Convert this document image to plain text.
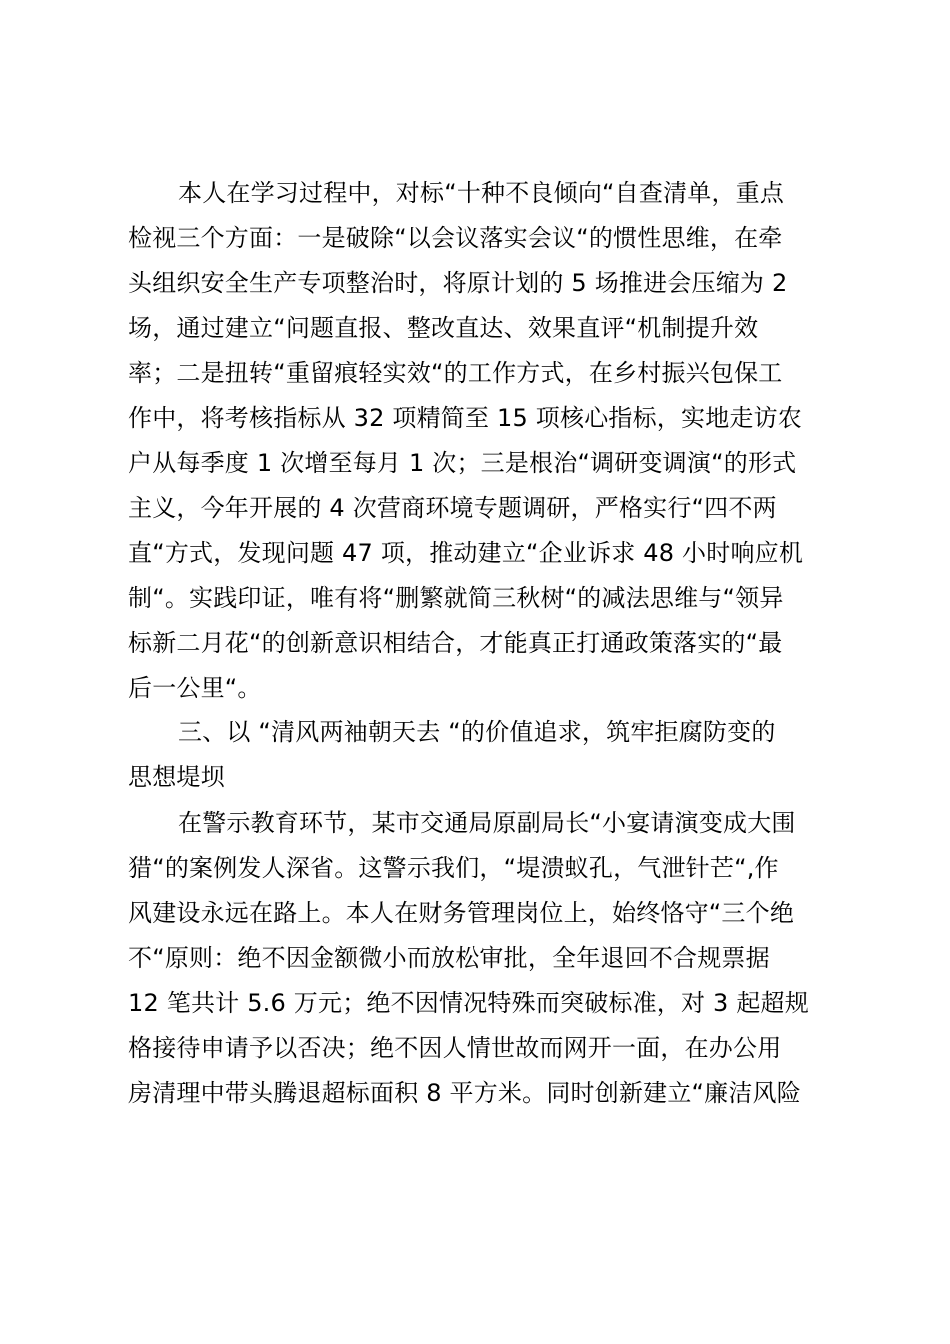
本人在学习过程中，对标“十种不良倾向“自查清单，重点
检视三个方面：一是破除“以会议落实会议“的惯性思维，在牵
头组织安全生产专项整治时，将原计划的 5 场推进会压缩为 2
场，通过建立“问题直报、整改直达、效果直评“机制提升效
率；二是扭转“重留痕轻实效“的工作方式，在乡村振兴包保工
作中，将考核指标从 32 项精简至 15 项核心指标，实地走访农
户从每季度 1 次增至每月 1 次；三是根治“调研变调演“的形式
主义，今年开展的 4 次营商环境专题调研，严格实行“四不两
直“方式，发现问题 47 项，推动建立“企业诉求 48 小时响应机
制“。实践印证，唯有将“删繁就简三秋树“的减法思维与“领异
标新二月花“的创新意识相结合，才能真正打通政策落实的“最
后一公里“。
三、以 “清风两袖朝天去 “的价值追求，筑牢拒腐防变的
思想堤坝
在警示教育环节，某市交通局原副局长“小宴请演变成大围
猎“的案例发人深省。这警示我们，“堤溃蚁孔，气泄针芒“,作
风建设永远在路上。本人在财务管理岗位上，始终恪守“三个绝
不“原则：绝不因金额微小而放松审批，全年退回不合规票据
12 笔共计 5.6 万元；绝不因情况特殊而突破标准，对 3 起超规
格接待申请予以否决；绝不因人情世故而网开一面，在办公用
房清理中带头腾退超标面积 8 平方米。同时创新建立“廉洁风险
